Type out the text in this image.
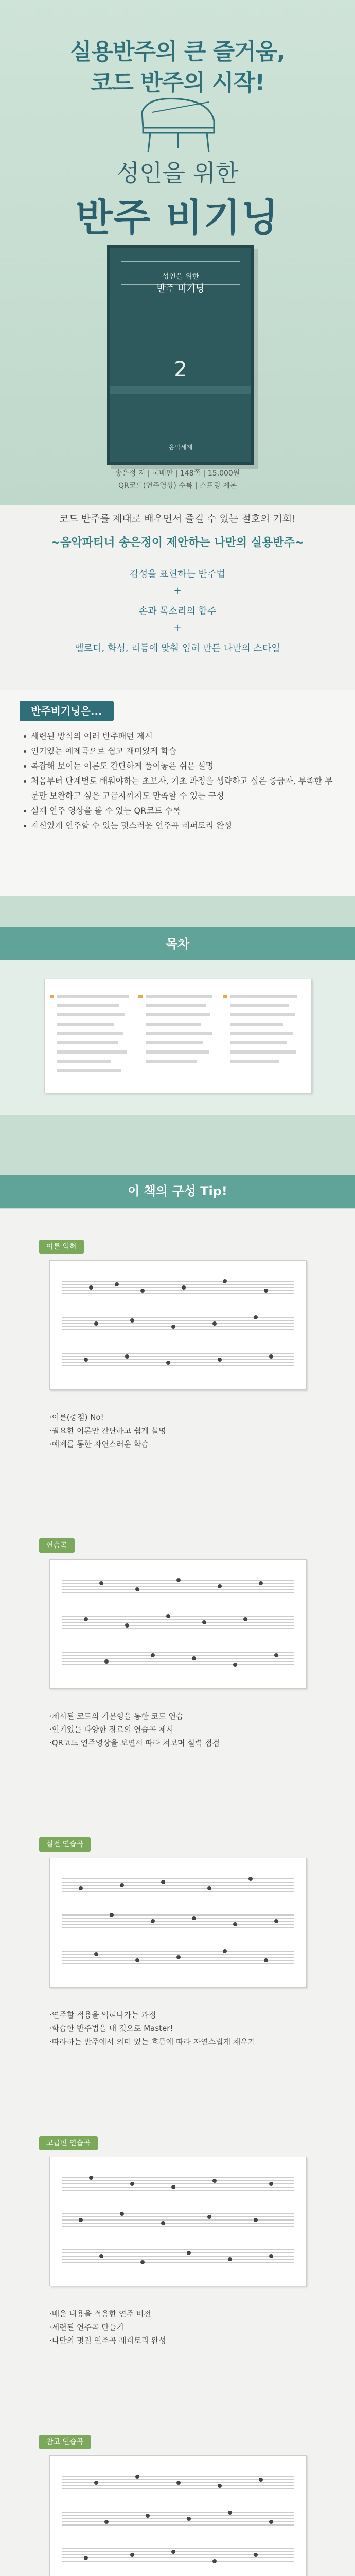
실용반주의 큰 즐거움,
코드 반주의 시작!
성인을 위한
반주 비기닝
성인을 위한
반주 비기닝
2
음악세계
송은정 저 | 국배판 | 148쪽 | 15,000원
QR코드(연주영상) 수록 | 스프링 제본
코드 반주를 제대로 배우면서 즐길 수 있는 절호의 기회!
~음악파티너 송은정이 제안하는 나만의 실용반주~
감성을 표현하는 반주법
+
손과 목소리의 합주
+
멜로디, 화성, 리듬에 맞춰 입혀 만든 나만의 스타일
반주비기닝은...
세련된 방식의 여러 반주패턴 제시
인기있는 예제곡으로 쉽고 재미있게 학습
복잡해 보이는 이론도 간단하게 풀어놓은 쉬운 설명
처음부터 단계별로 배워야하는 초보자, 기초 과정을 생략하고 싶은 중급자, 부족한 부분만 보완하고 싶은 고급자까지도 만족할 수 있는 구성
실제 연주 영상을 볼 수 있는 QR코드 수록
자신있게 연주할 수 있는 멋스러운 연주곡 레퍼토리 완성
목차
이 책의 구성 Tip!
이론 익혀
·이론(중점) No!
·필요한 이론만 간단하고 쉽게 설명
·예제를 통한 자연스러운 학습
연습곡
·제시된 코드의 기본형을 통한 코드 연습
·인기있는 다양한 장르의 연습곡 제시
·QR코드 연주영상을 보면서 따라 쳐보며 실력 점검
실전 연습곡
·연주할 적용을 익혀나가는 과정
·학습한 반주법을 내 것으로 Master!
·따라하는 반주에서 의미 있는 흐름에 따라 자연스럽게 채우기
고급편 연습곡
·배운 내용을 적용한 연주 버전
·세련된 연주곡 만들기
·나만의 멋진 연주곡 레퍼토리 완성
참고 연습곡
